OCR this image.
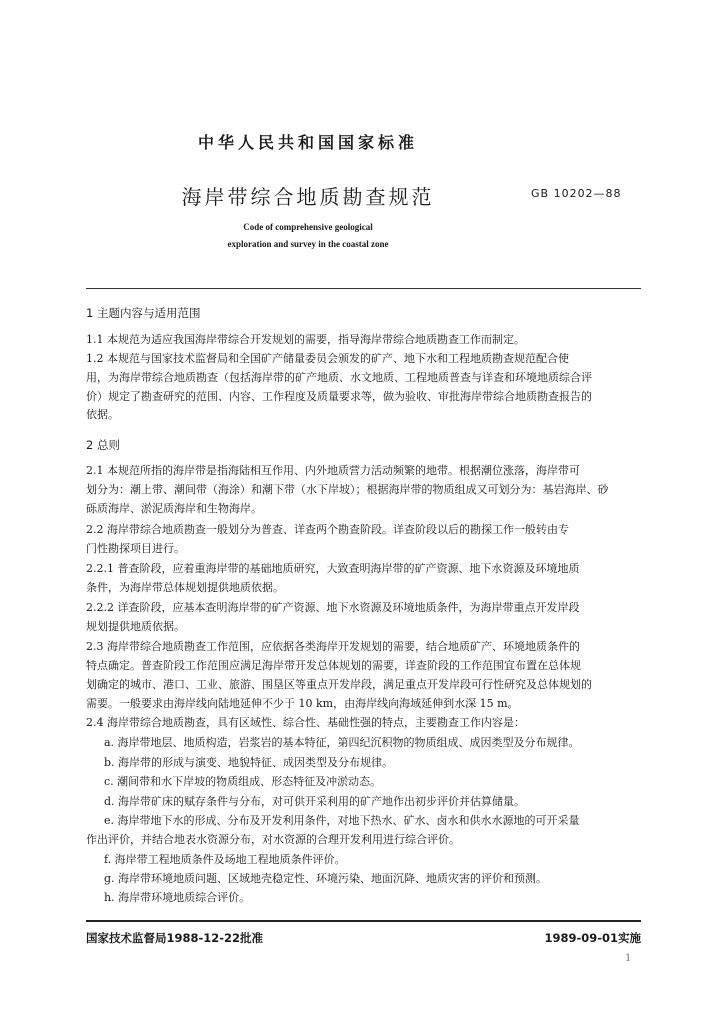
中华人民共和国国家标准
海岸带综合地质勘查规范	GB 10202—88
Code of comprehensive geological
exploration and survey in the coastal zone
1 主题内容与适用范围
1.1 本规范为适应我国海岸带综合开发规划的需要，指导海岸带综合地质勘查工作而制定。
1.2 本规范与国家技术监督局和全国矿产储量委员会颁发的矿产、地下水和工程地质勘查规范配合使
用，为海岸带综合地质勘查（包括海岸带的矿产地质、水文地质、工程地质普查与详查和环境地质综合评
价）规定了勘查研究的范围、内容、工作程度及质量要求等，做为验收、审批海岸带综合地质勘查报告的
依据。
2 总则
2.1 本规范所指的海岸带是指海陆相互作用、内外地质营力活动频繁的地带。根据潮位涨落，海岸带可
划分为：潮上带、潮间带（海涂）和潮下带（水下岸坡）；根据海岸带的物质组成又可划分为：基岩海岸、砂
砾质海岸、淤泥质海岸和生物海岸。
2.2 海岸带综合地质勘查一般划分为普查、详查两个勘查阶段。详查阶段以后的勘探工作一般转由专
门性勘探项目进行。
2.2.1 普查阶段，应着重海岸带的基础地质研究，大致查明海岸带的矿产资源、地下水资源及环境地质
条件，为海岸带总体规划提供地质依据。
2.2.2 详查阶段，应基本查明海岸带的矿产资源、地下水资源及环境地质条件，为海岸带重点开发岸段
规划提供地质依据。
2.3 海岸带综合地质勘查工作范围，应依据各类海岸开发规划的需要，结合地质矿产、环境地质条件的
特点确定。普查阶段工作范围应满足海岸带开发总体规划的需要，详查阶段的工作范围宜布置在总体规
划确定的城市、港口、工业、旅游、围垦区等重点开发岸段，满足重点开发岸段可行性研究及总体规划的
需要。一般要求由海岸线向陆地延伸不少于 10 km，由海岸线向海域延伸到水深 15 m。
2.4 海岸带综合地质勘查，具有区域性、综合性、基础性强的特点，主要勘查工作内容是：
a. 海岸带地层、地质构造，岩浆岩的基本特征，第四纪沉积物的物质组成、成因类型及分布规律。
b. 海岸带的形成与演变、地貌特征、成因类型及分布规律。
c. 潮间带和水下岸坡的物质组成、形态特征及冲淤动态。
d. 海岸带矿床的赋存条件与分布，对可供开采利用的矿产地作出初步评价并估算储量。
e. 海岸带地下水的形成、分布及开发利用条件，对地下热水、矿水、卤水和供水水源地的可开采量
作出评价，并结合地表水资源分布，对水资源的合理开发利用进行综合评价。
f. 海岸带工程地质条件及场地工程地质条件评价。
g. 海岸带环境地质问题、区域地壳稳定性、环境污染、地面沉降、地质灾害的评价和预测。
h. 海岸带环境地质综合评价。
国家技术监督局1988-12-22批准	1989-09-01实施
1
